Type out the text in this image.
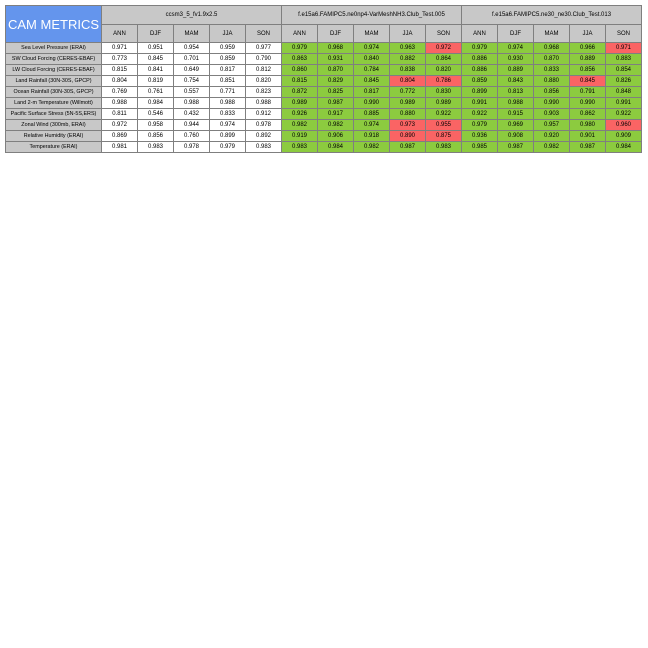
CAM METRICS	ccsm3_5_fv1.9x2.5					f.e15a6.FAMIPC5.ne0np4-VarMeshNH3.Club_Test.005					f.e15a6.FAMIPC5.ne30_ne30.Club_Test.013				
	ANN	DJF	MAM	JJA	SON	ANN	DJF	MAM	JJA	SON	ANN	DJF	MAM	JJA	SON
Sea Level Pressure (ERAI)	0.971	0.951	0.954	0.959	0.977	0.979	0.968	0.974	0.963	0.972	0.979	0.974	0.968	0.966	0.971
SW Cloud Forcing (CERES-EBAF)	0.773	0.845	0.701	0.859	0.790	0.863	0.931	0.840	0.882	0.864	0.886	0.930	0.870	0.889	0.883
LW Cloud Forcing (CERES-EBAF)	0.815	0.841	0.649	0.817	0.812	0.860	0.870	0.784	0.838	0.820	0.886	0.889	0.833	0.856	0.854
Land Rainfall (30N-30S, GPCP)	0.804	0.819	0.754	0.851	0.820	0.815	0.829	0.845	0.804	0.786	0.859	0.843	0.880	0.845	0.826
Ocean Rainfall (30N-30S, GPCP)	0.769	0.761	0.557	0.771	0.823	0.872	0.825	0.817	0.772	0.830	0.899	0.813	0.856	0.791	0.848
Land 2-m Temperature (Willmott)	0.988	0.984	0.988	0.988	0.988	0.989	0.987	0.990	0.989	0.989	0.991	0.988	0.990	0.990	0.991
Pacific Surface Stress (5N-5S,ERS)	0.811	0.546	0.432	0.833	0.912	0.926	0.917	0.885	0.880	0.922	0.922	0.915	0.903	0.862	0.922
Zonal Wind (300mb, ERAI)	0.972	0.958	0.944	0.974	0.978	0.982	0.982	0.974	0.973	0.955	0.979	0.969	0.957	0.980	0.960
Relative Humidity (ERAI)	0.869	0.856	0.760	0.899	0.892	0.919	0.906	0.918	0.890	0.875	0.936	0.908	0.920	0.901	0.909
Temperature (ERAI)	0.981	0.983	0.978	0.979	0.983	0.983	0.984	0.982	0.987	0.983	0.985	0.987	0.982	0.987	0.984
